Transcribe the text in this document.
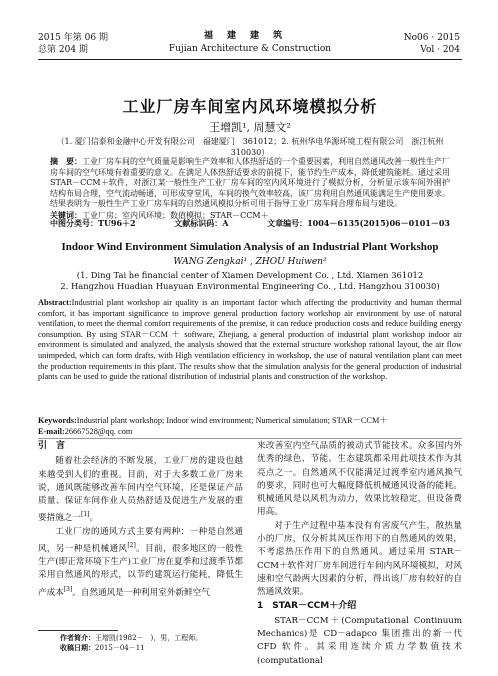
2015 年第 06 期
总第 204 期
福建建筑
Fujian Architecture & Construction
No06 · 2015
Vol · 204
工业厂房车间室内风环境模拟分析
王增凯¹, 周慧文²
（1. 厦门信泰和金融中心开发有限公司　福建厦门　361012；2. 杭州华电华源环境工程有限公司　浙江杭州　310030）
摘　要：工业厂房车间的空气质量是影响生产效率和人体热舒适的一个重要因素，利用自然通风改善一般性生产厂房车间的空气环境有着重要的意义。在满足人体热舒适要求的前提下，能节约生产成本，降低建筑能耗。通过采用 STAR－CCM＋软件，对浙江某一般性生产工业厂房车间的室内风环境进行了模拟分析，分析显示该车间外围护结构布局合理，空气流动畅通，可形成穿堂风，车间的换气效率较高，该厂房利用自然通风能满足生产使用要求。结果表明为一般性生产工业厂房车间的自然通风模拟分析可用于指导工业厂房车间合理布局与建设。
关键词：工业厂房；室内风环境；数值模拟；STAR－CCM＋
中图分类号：TU96＋2	文献标识码：A	文章编号：1004－6135(2015)06－0101－03
Indoor Wind Environment Simulation Analysis of an Industrial Plant Workshop
WANG Zengkai¹ , ZHOU Huiwen²
(1. Ding Tai he financial center of Xiamen Development Co. , Ltd. Xiamen 361012
2. Hangzhou Huadian Huayuan Environmental Engineering Co. , Ltd. Hangzhou 310030)
Abstract:Industrial plant workshop air quality is an important factor which affecting the productivity and human thermal comfort, it has important significance to improve general production factory workshop air environment by use of natural ventilation, to meet the thermal comfort requirements of the premise, it can reduce production costs and reduce building energy consumption. By using STAR－CCM ＋ software, Zhejiang, a general production of industrial plant workshop indoor air environment is simulated and analyzed, the analysis showed that the external structure workshop rational layout, the air flow unimpeded, which can form drafts, with High ventilation efficiency in workshop, the use of natural ventilation plant can meet the production requirements in this plant. The results show that the simulation analysis for the general production of industrial plants can be used to guide the rational distribution of industrial plants and construction of the workshop.
Keywords:Industrial plant workshop; Indoor wind environment; Numerical simulation; STAR－CCM＋
E-mail:26667528@qq. com

引　言

随着社会经济的不断发展，工业厂房的建设也越来越受到人们的重视。目前，对于大多数工业厂房来说，通风既能够改善车间内空气环境，还是保证产品质量、保证车间作业人员热舒适及促进生产发展的重要措施之一[1]。

工业厂房的通风方式主要有两种：一种是自然通风，另一种是机械通风[2]。目前，很多地区的一般性生产(即正常环境下生产)工业厂房在夏季和过渡季节都采用自然通风的形式，以节约建筑运行能耗，降低生产成本[3]。自然通风是一种利用室外新鲜空气

来改善室内空气品质的被动式节能技术。众多国内外优秀的绿色、节能、生态建筑都采用此项技术作为其亮点之一。自然通风不仅能满足过渡季室内通风换气的要求，同时也可大幅度降低机械通风设备的能耗。机械通风是以风机为动力，效果比较稳定，但设备费用高。

对于生产过程中基本没有有害废气产生，散热量小的厂房，仅分析其风压作用下的自然通风的效果，不考虑热压作用下的自然通风。通过采用 STAR－CCM＋软件对厂房车间进行车间内风环境模拟，对风速和空气龄两大因素的分析，得出该厂房有较好的自然通风效果。

1　STAR－CCM＋介绍

STAR－CCM＋(Computational Continuum Mechanics)是 CD－adapco 集团推出的新一代 CFD 软件。其采用连续介质力学数值技术 (computational

作者简介：王增凯(1982－　)，男，工程师。
收稿日期：2015－04－11
